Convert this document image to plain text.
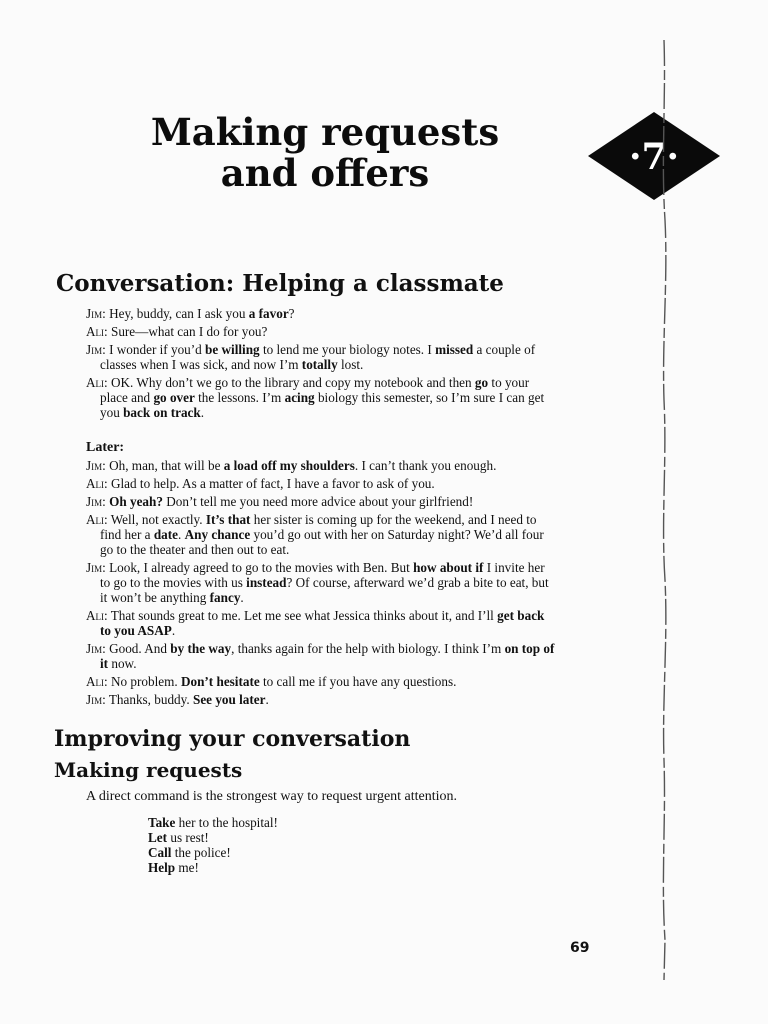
Making requests
and offers	·7·
Conversation: Helping a classmate

Jim: Hey, buddy, can I ask you a favor?

Ali: Sure—what can I do for you?

Jim: I wonder if you’d be willing to lend me your biology notes. I missed a couple of classes when I was sick, and now I’m totally lost.

Ali: OK. Why don’t we go to the library and copy my notebook and then go to your place and go over the lessons. I’m acing biology this semester, so I’m sure I can get you back on track.

Later:

Jim: Oh, man, that will be a load off my shoulders. I can’t thank you enough.

Ali: Glad to help. As a matter of fact, I have a favor to ask of you.

Jim: Oh yeah? Don’t tell me you need more advice about your girlfriend!

Ali: Well, not exactly. It’s that her sister is coming up for the weekend, and I need to find her a date. Any chance you’d go out with her on Saturday night? We’d all four go to the theater and then out to eat.

Jim: Look, I already agreed to go to the movies with Ben. But how about if I invite her to go to the movies with us instead? Of course, afterward we’d grab a bite to eat, but it won’t be anything fancy.

Ali: That sounds great to me. Let me see what Jessica thinks about it, and I’ll get back to you ASAP.

Jim: Good. And by the way, thanks again for the help with biology. I think I’m on top of it now.

Ali: No problem. Don’t hesitate to call me if you have any questions.

Jim: Thanks, buddy. See you later.

Improving your conversation
Making requests

A direct command is the strongest way to request urgent attention.

Take her to the hospital!
Let us rest!
Call the police!
Help me!

69
